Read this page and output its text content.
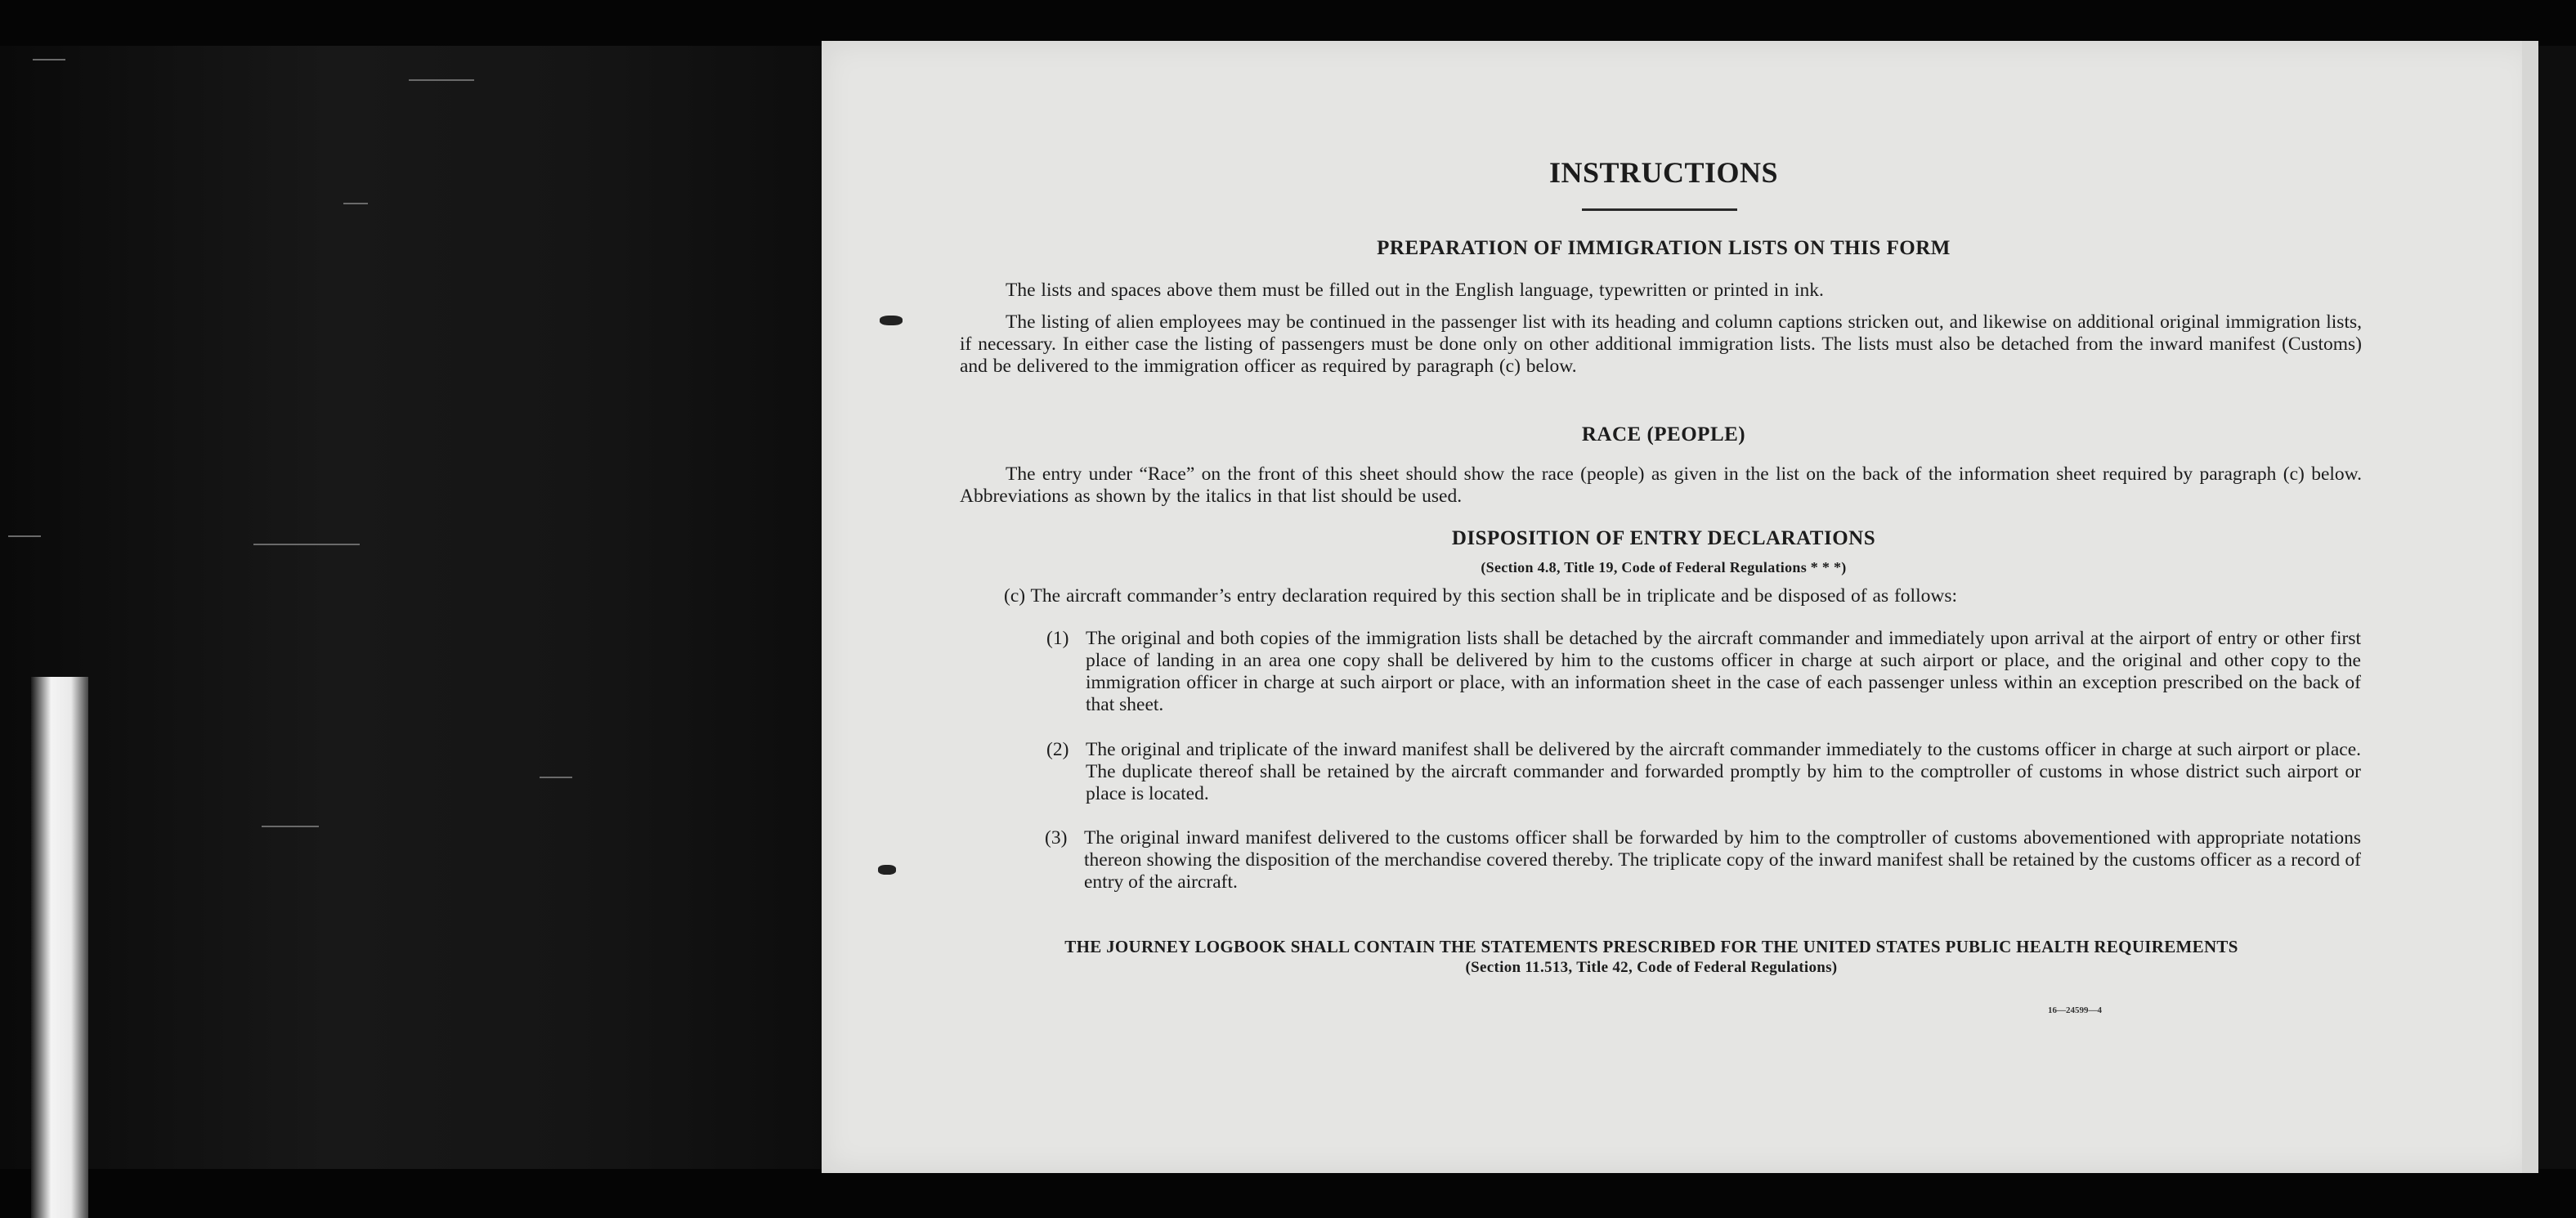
INSTRUCTIONS
PREPARATION OF IMMIGRATION LISTS ON THIS FORM
The lists and spaces above them must be filled out in the English language, typewritten or printed in ink.
The listing of alien employees may be continued in the passenger list with its heading and column captions stricken out, and likewise on additional original immigration lists, if necessary. In either case the listing of passengers must be done only on other additional immigration lists. The lists must also be detached from the inward manifest (Customs) and be delivered to the immigration officer as required by paragraph (c) below.
RACE (PEOPLE)
The entry under “Race” on the front of this sheet should show the race (people) as given in the list on the back of the information sheet required by paragraph (c) below. Abbreviations as shown by the italics in that list should be used.
DISPOSITION OF ENTRY DECLARATIONS
(Section 4.8, Title 19, Code of Federal Regulations * * *)
(c) The aircraft commander’s entry declaration required by this section shall be in triplicate and be disposed of as follows:
(1) The original and both copies of the immigration lists shall be detached by the aircraft commander and immediately upon arrival at the airport of entry or other first place of landing in an area one copy shall be delivered by him to the customs officer in charge at such airport or place, and the original and other copy to the immigration officer in charge at such airport or place, with an information sheet in the case of each passenger unless within an exception prescribed on the back of that sheet.
(2) The original and triplicate of the inward manifest shall be delivered by the aircraft commander immediately to the customs officer in charge at such airport or place. The duplicate thereof shall be retained by the aircraft commander and forwarded promptly by him to the comptroller of customs in whose district such airport or place is located.
(3) The original inward manifest delivered to the customs officer shall be forwarded by him to the comptroller of customs abovementioned with appropriate notations thereon showing the disposition of the merchandise covered thereby. The triplicate copy of the inward manifest shall be retained by the customs officer as a record of entry of the aircraft.
THE JOURNEY LOGBOOK SHALL CONTAIN THE STATEMENTS PRESCRIBED FOR THE UNITED STATES PUBLIC HEALTH REQUIREMENTS
(Section 11.513, Title 42, Code of Federal Regulations)
16—24599—4
